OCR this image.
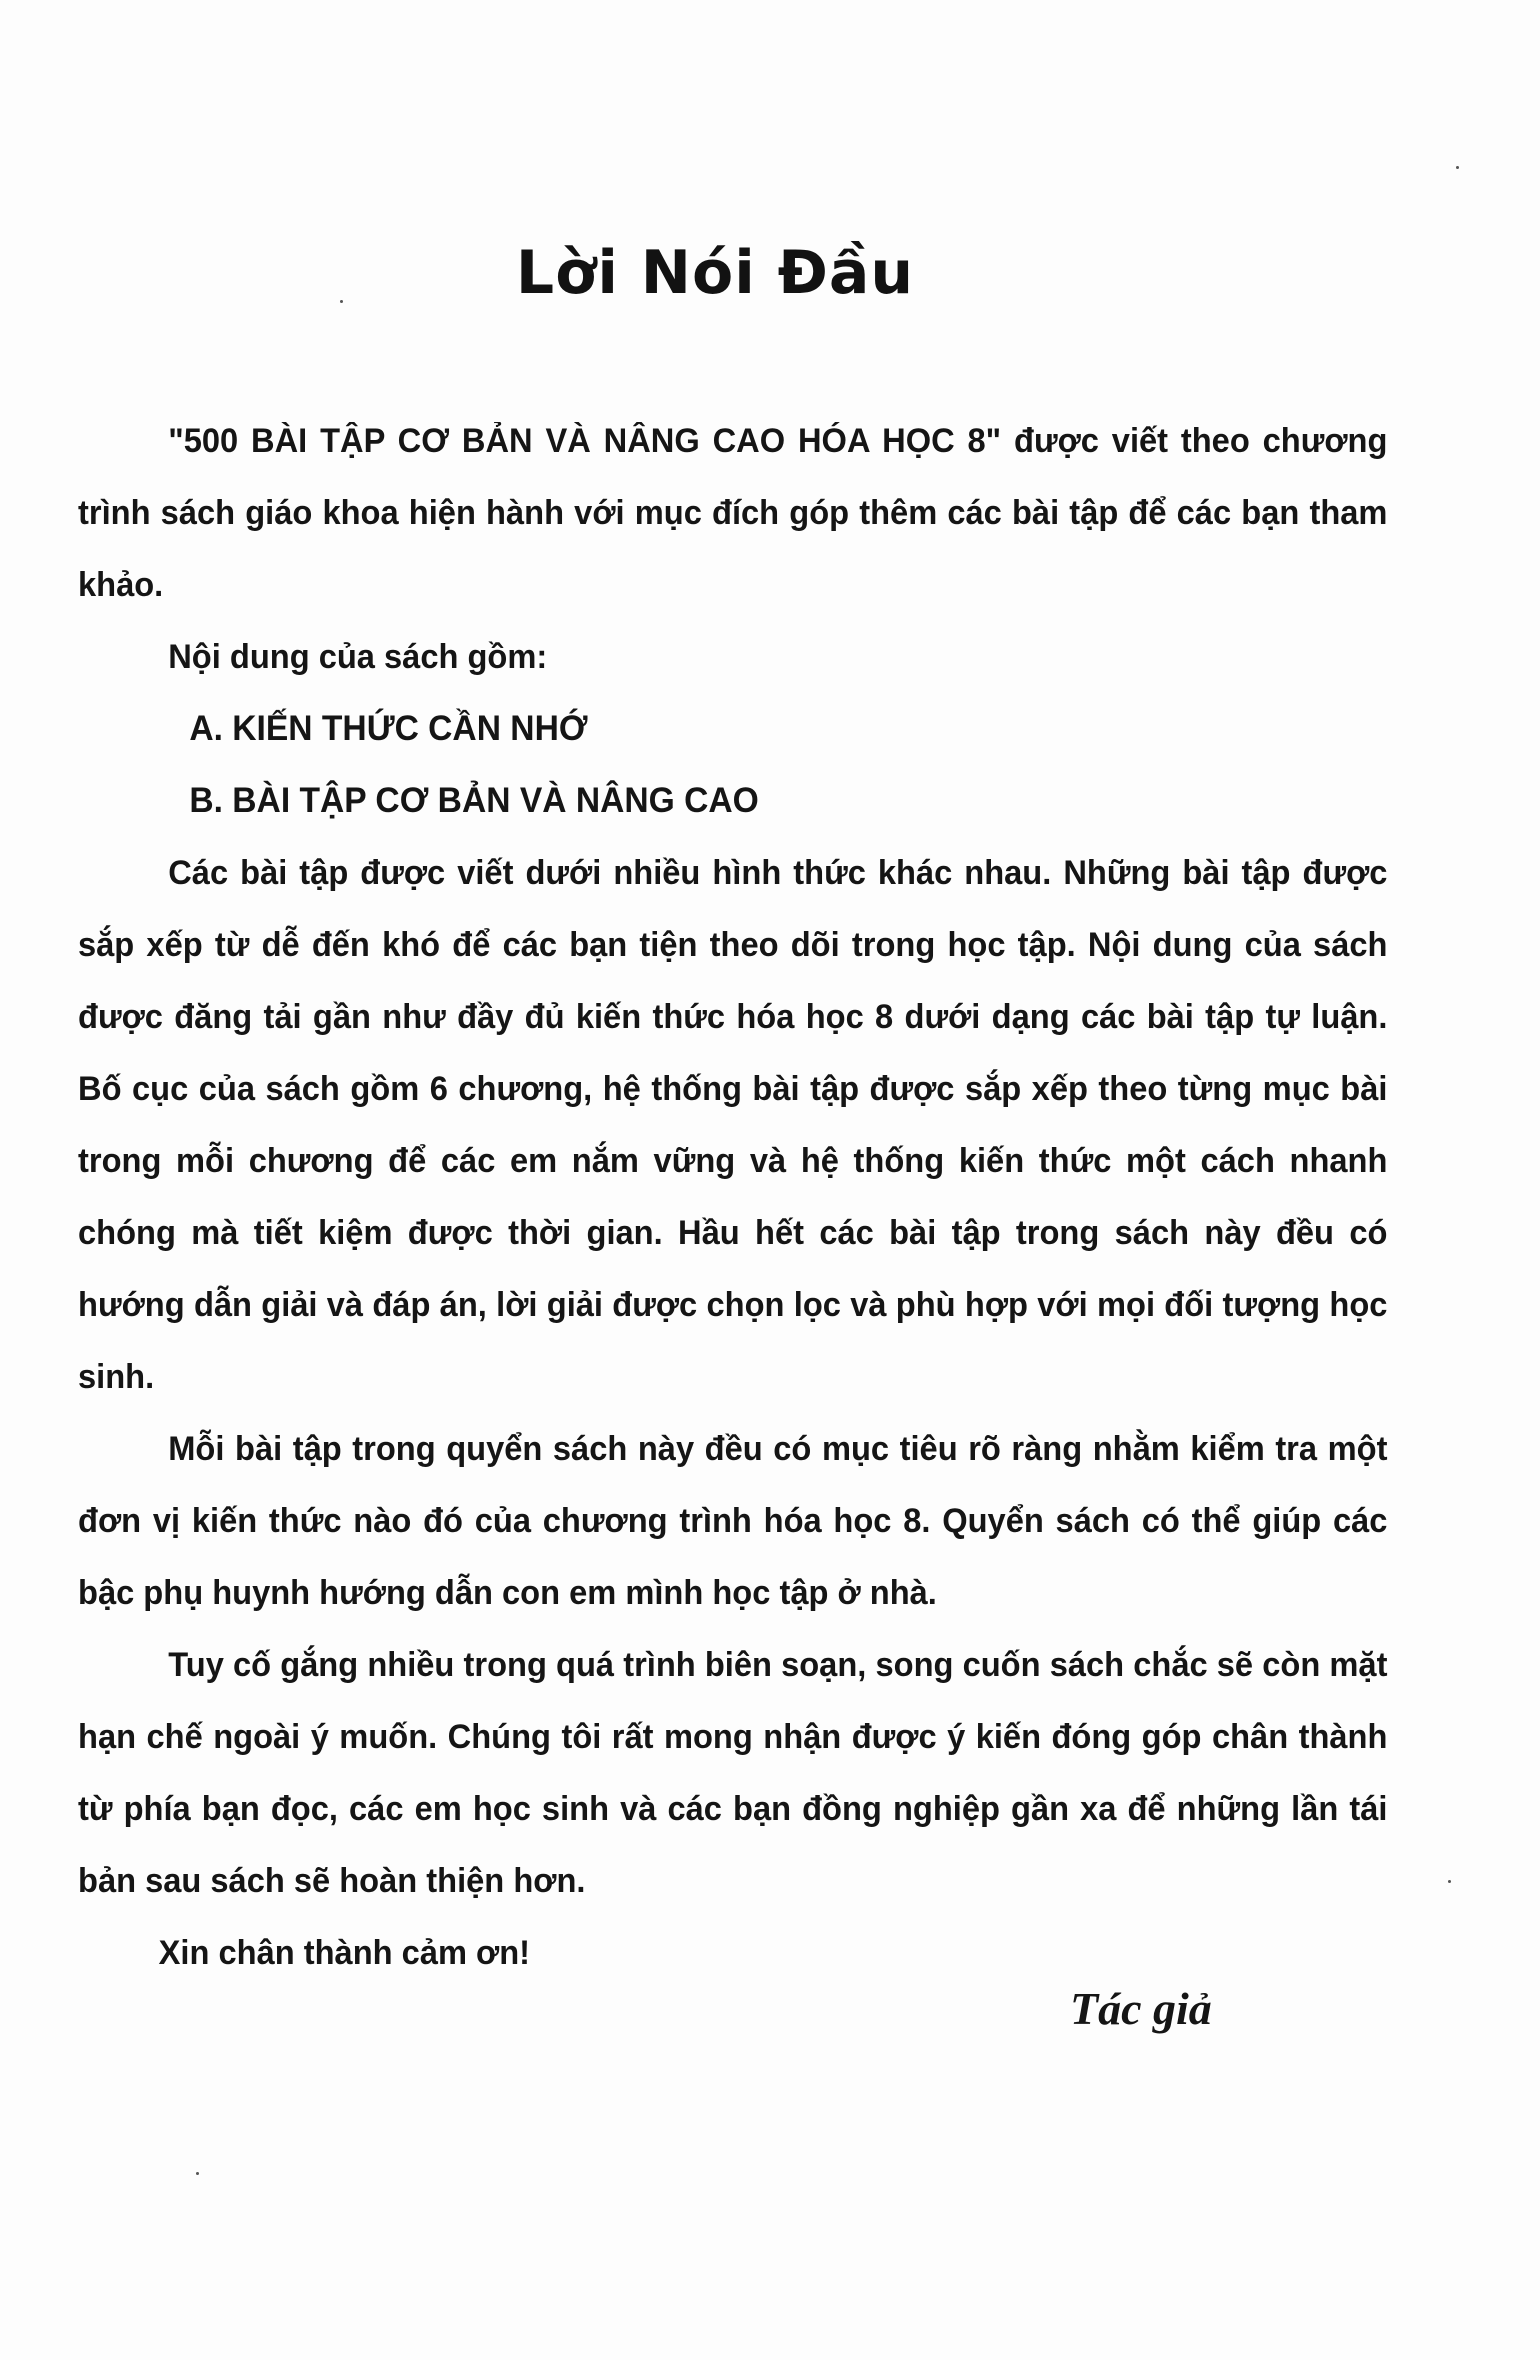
Lời Nói Đầu

"500 BÀI TẬP CƠ BẢN VÀ NÂNG CAO HÓA HỌC 8" được viết theo chương trình sách giáo khoa hiện hành với mục đích góp thêm các bài tập để các bạn tham khảo.

Nội dung của sách gồm:

A. KIẾN THỨC CẦN NHỚ

B. BÀI TẬP CƠ BẢN VÀ NÂNG CAO

Các bài tập được viết dưới nhiều hình thức khác nhau. Những bài tập được sắp xếp từ dễ đến khó để các bạn tiện theo dõi trong học tập. Nội dung của sách được đăng tải gần như đầy đủ kiến thức hóa học 8 dưới dạng các bài tập tự luận. Bố cục của sách gồm 6 chương, hệ thống bài tập được sắp xếp theo từng mục bài trong mỗi chương để các em nắm vững và hệ thống kiến thức một cách nhanh chóng mà tiết kiệm được thời gian. Hầu hết các bài tập trong sách này đều có hướng dẫn giải và đáp án, lời giải được chọn lọc và phù hợp với mọi đối tượng học sinh.

Mỗi bài tập trong quyển sách này đều có mục tiêu rõ ràng nhằm kiểm tra một đơn vị kiến thức nào đó của chương trình hóa học 8. Quyển sách có thể giúp các bậc phụ huynh hướng dẫn con em mình học tập ở nhà.

Tuy cố gắng nhiều trong quá trình biên soạn, song cuốn sách chắc sẽ còn mặt hạn chế ngoài ý muốn. Chúng tôi rất mong nhận được ý kiến đóng góp chân thành từ phía bạn đọc, các em học sinh và các bạn đồng nghiệp gần xa để những lần tái bản sau sách sẽ hoàn thiện hơn.

Xin chân thành cảm ơn!

Tác giả
